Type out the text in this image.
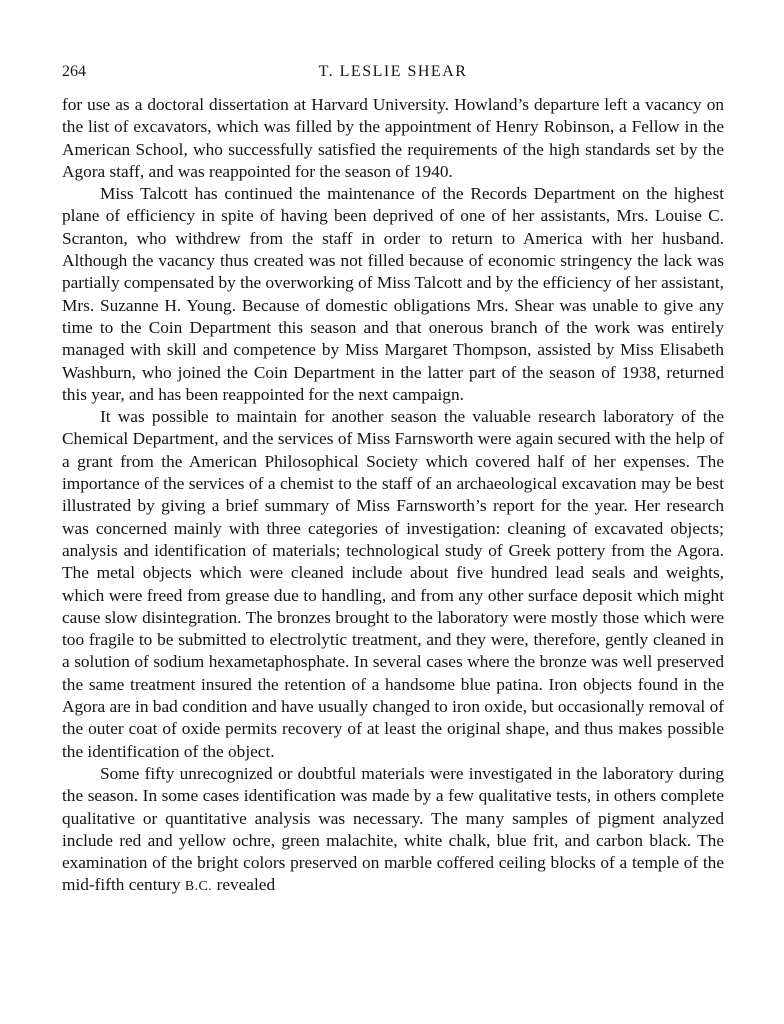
264	T. LESLIE SHEAR

for use as a doctoral dissertation at Harvard University. Howland’s departure left a vacancy on the list of excavators, which was filled by the appointment of Henry Robinson, a Fellow in the American School, who successfully satisfied the requirements of the high standards set by the Agora staff, and was reappointed for the season of 1940.

Miss Talcott has continued the maintenance of the Records Department on the highest plane of efficiency in spite of having been deprived of one of her assistants, Mrs. Louise C. Scranton, who withdrew from the staff in order to return to America with her husband. Although the vacancy thus created was not filled because of economic stringency the lack was partially compensated by the overworking of Miss Talcott and by the efficiency of her assistant, Mrs. Suzanne H. Young. Because of domestic obligations Mrs. Shear was unable to give any time to the Coin Department this season and that onerous branch of the work was entirely managed with skill and competence by Miss Margaret Thompson, assisted by Miss Elisabeth Washburn, who joined the Coin Department in the latter part of the season of 1938, returned this year, and has been reappointed for the next campaign.

It was possible to maintain for another season the valuable research laboratory of the Chemical Department, and the services of Miss Farnsworth were again secured with the help of a grant from the American Philosophical Society which covered half of her expenses. The importance of the services of a chemist to the staff of an archaeological excavation may be best illustrated by giving a brief summary of Miss Farnsworth’s report for the year. Her research was concerned mainly with three categories of investigation: cleaning of excavated objects; analysis and identification of materials; technological study of Greek pottery from the Agora. The metal objects which were cleaned include about five hundred lead seals and weights, which were freed from grease due to handling, and from any other surface deposit which might cause slow disintegration. The bronzes brought to the laboratory were mostly those which were too fragile to be submitted to electrolytic treatment, and they were, therefore, gently cleaned in a solution of sodium hexametaphosphate. In several cases where the bronze was well preserved the same treatment insured the retention of a handsome blue patina. Iron objects found in the Agora are in bad condition and have usually changed to iron oxide, but occasionally removal of the outer coat of oxide permits recovery of at least the original shape, and thus makes possible the identification of the object.

Some fifty unrecognized or doubtful materials were investigated in the laboratory during the season. In some cases identification was made by a few qualitative tests, in others complete qualitative or quantitative analysis was necessary. The many samples of pigment analyzed include red and yellow ochre, green malachite, white chalk, blue frit, and carbon black. The examination of the bright colors preserved on marble coffered ceiling blocks of a temple of the mid-fifth century B.C. revealed
